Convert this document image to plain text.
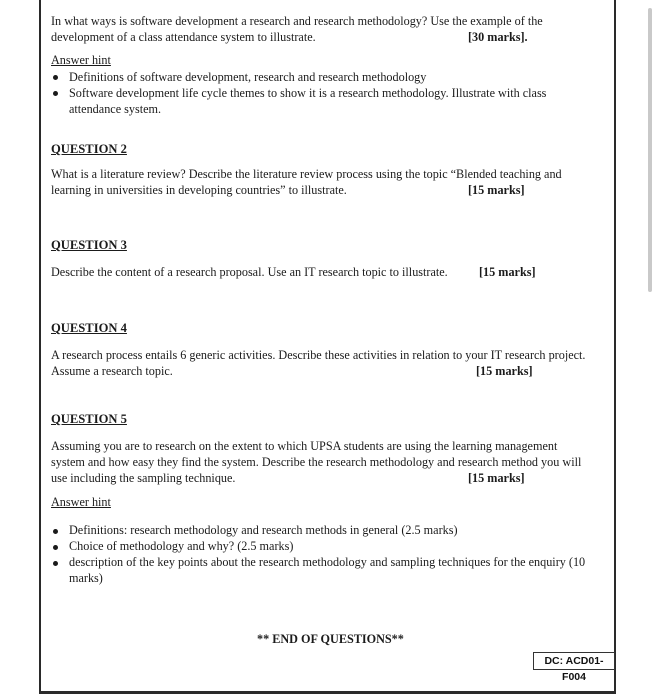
In what ways is software development a research and research methodology? Use the example of the
development of a class attendance system to illustrate.	[30 marks].
Answer hint
Definitions of software development, research and research methodology
Software development life cycle themes to show it is a research methodology. Illustrate with class
attendance system.
QUESTION 2
What is a literature review? Describe the literature review process using the topic “Blended teaching and
learning in universities in developing countries” to illustrate.	[15 marks]
QUESTION 3
Describe the content of a research proposal. Use an IT research topic to illustrate.	[15 marks]
QUESTION 4
A research process entails 6 generic activities. Describe these activities in relation to your IT research project.
Assume a research topic.	[15 marks]
QUESTION 5
Assuming you are to research on the extent to which UPSA students are using the learning management
system and how easy they find the system. Describe the research methodology and research method you will
use including the sampling technique.	[15 marks]
Answer hint
Definitions: research methodology and research methods in general (2.5 marks)
Choice of methodology and why? (2.5 marks)
description of the key points about the research methodology and sampling techniques for the enquiry (10
marks)
** END OF QUESTIONS**
DC: ACD01-F004
